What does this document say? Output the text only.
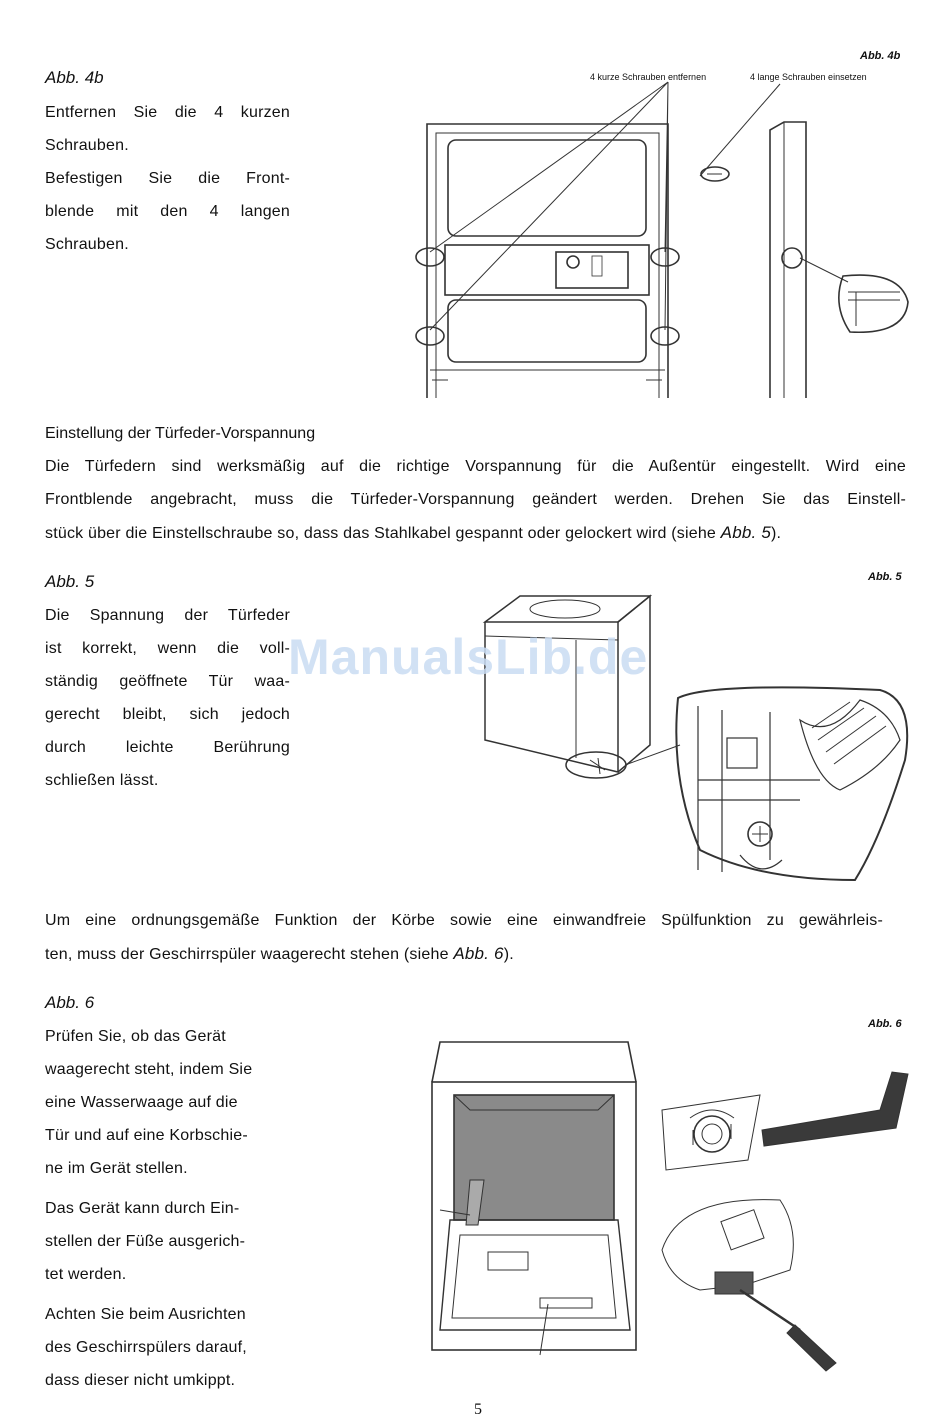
Abb. 4b
Abb. 4b
Entfernen Sie die 4 kurzen
Schrauben.
Befestigen Sie die Front-
blende mit den 4 langen
Schrauben.
4 kurze Schrauben entfernen	4 lange Schrauben einsetzen
Einstellung der Türfeder-Vorspannung
Die Türfedern sind werksmäßig auf die richtige Vorspannung für die Außentür eingestellt. Wird eine
Frontblende angebracht, muss die Türfeder-Vorspannung geändert werden. Drehen Sie das Einstell-
stück über die Einstellschraube so, dass das Stahlkabel gespannt oder gelockert wird (siehe Abb. 5).
Abb. 5	Abb. 5
Die Spannung der Türfeder
ist korrekt, wenn die voll-
ständig geöffnete Tür waa-
gerecht bleibt, sich jedoch
durch leichte Berührung
schließen lässt.
ManualsLib.de
Um eine ordnungsgemäße Funktion der Körbe sowie eine einwandfreie Spülfunktion zu gewährleis-
ten, muss der Geschirrspüler waagerecht stehen (siehe Abb. 6).
Abb. 6
Abb. 6
Prüfen Sie, ob das Gerät
waagerecht steht, indem Sie
eine Wasserwaage auf die
Tür und auf eine Korbschie-
ne im Gerät stellen.
Das Gerät kann durch Ein-
stellen der Füße ausgerich-
tet werden.
Achten Sie beim Ausrichten
des Geschirrspülers darauf,
dass dieser nicht umkippt.
5
